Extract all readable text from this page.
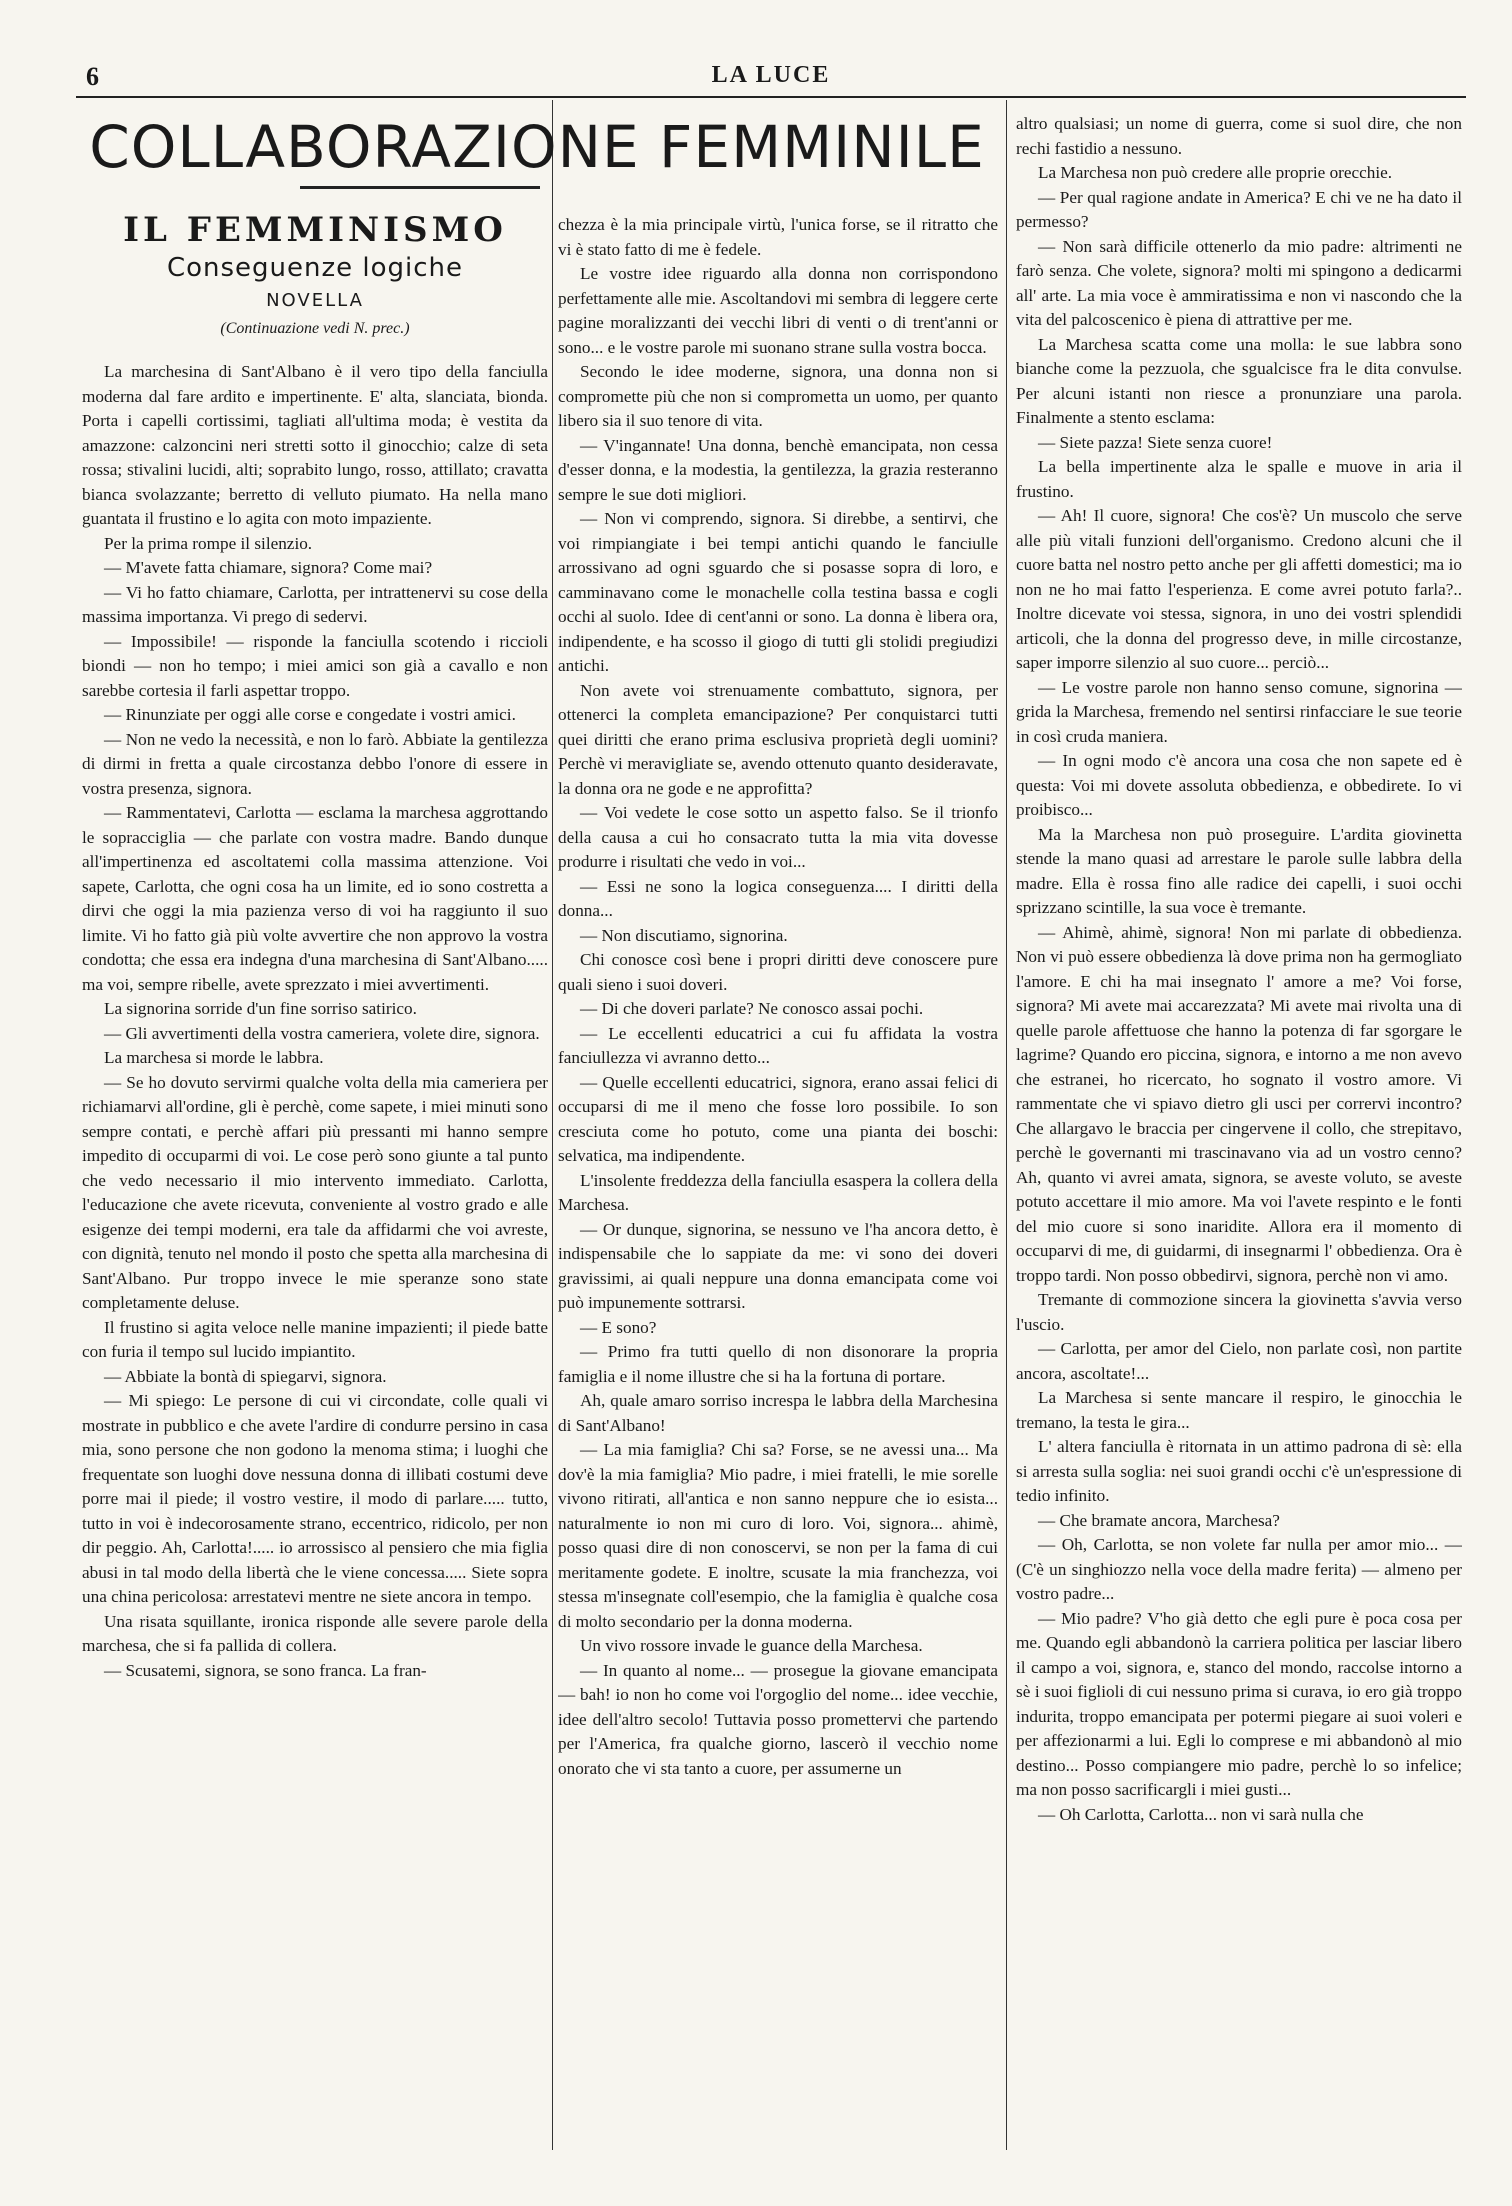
6	LA LUCE
COLLABORAZIONE FEMMINILE
IL FEMMINISMO
Conseguenze logiche
NOVELLA
(Continuazione vedi N. prec.)

La marchesina di Sant'Albano è il vero tipo della fanciulla moderna dal fare ardito e impertinente. E' alta, slanciata, bionda. Porta i capelli cortissimi, tagliati all'ultima moda; è vestita da amazzone: calzoncini neri stretti sotto il ginocchio; calze di seta rossa; stivalini lucidi, alti; soprabito lungo, rosso, attillato; cravatta bianca svolazzante; berretto di velluto piumato. Ha nella mano guantata il frustino e lo agita con moto impaziente.

Per la prima rompe il silenzio.

— M'avete fatta chiamare, signora? Come mai?

— Vi ho fatto chiamare, Carlotta, per intrattenervi su cose della massima importanza. Vi prego di sedervi.

— Impossibile! — risponde la fanciulla scotendo i riccioli biondi — non ho tempo; i miei amici son già a cavallo e non sarebbe cortesia il farli aspettar troppo.

— Rinunziate per oggi alle corse e congedate i vostri amici.

— Non ne vedo la necessità, e non lo farò. Abbiate la gentilezza di dirmi in fretta a quale circostanza debbo l'onore di essere in vostra presenza, signora.

— Rammentatevi, Carlotta — esclama la marchesa aggrottando le sopracciglia — che parlate con vostra madre. Bando dunque all'impertinenza ed ascoltatemi colla massima attenzione. Voi sapete, Carlotta, che ogni cosa ha un limite, ed io sono costretta a dirvi che oggi la mia pazienza verso di voi ha raggiunto il suo limite. Vi ho fatto già più volte avvertire che non approvo la vostra condotta; che essa era indegna d'una marchesina di Sant'Albano..... ma voi, sempre ribelle, avete sprezzato i miei avvertimenti.

La signorina sorride d'un fine sorriso satirico.

— Gli avvertimenti della vostra cameriera, volete dire, signora.

La marchesa si morde le labbra.

— Se ho dovuto servirmi qualche volta della mia cameriera per richiamarvi all'ordine, gli è perchè, come sapete, i miei minuti sono sempre contati, e perchè affari più pressanti mi hanno sempre impedito di occuparmi di voi. Le cose però sono giunte a tal punto che vedo necessario il mio intervento immediato. Carlotta, l'educazione che avete ricevuta, conveniente al vostro grado e alle esigenze dei tempi moderni, era tale da affidarmi che voi avreste, con dignità, tenuto nel mondo il posto che spetta alla marchesina di Sant'Albano. Pur troppo invece le mie speranze sono state completamente deluse.

Il frustino si agita veloce nelle manine impazienti; il piede batte con furia il tempo sul lucido impiantito.

— Abbiate la bontà di spiegarvi, signora.

— Mi spiego: Le persone di cui vi circondate, colle quali vi mostrate in pubblico e che avete l'ardire di condurre persino in casa mia, sono persone che non godono la menoma stima; i luoghi che frequentate son luoghi dove nessuna donna di illibati costumi deve porre mai il piede; il vostro vestire, il modo di parlare..... tutto, tutto in voi è indecorosamente strano, eccentrico, ridicolo, per non dir peggio. Ah, Carlotta!..... io arrossisco al pensiero che mia figlia abusi in tal modo della libertà che le viene concessa..... Siete sopra una china pericolosa: arrestatevi mentre ne siete ancora in tempo.

Una risata squillante, ironica risponde alle severe parole della marchesa, che si fa pallida di collera.

— Scusatemi, signora, se sono franca. La fran-

chezza è la mia principale virtù, l'unica forse, se il ritratto che vi è stato fatto di me è fedele.

Le vostre idee riguardo alla donna non corrispondono perfettamente alle mie. Ascoltandovi mi sembra di leggere certe pagine moralizzanti dei vecchi libri di venti o di trent'anni or sono... e le vostre parole mi suonano strane sulla vostra bocca.

Secondo le idee moderne, signora, una donna non si compromette più che non si comprometta un uomo, per quanto libero sia il suo tenore di vita.

— V'ingannate! Una donna, benchè emancipata, non cessa d'esser donna, e la modestia, la gentilezza, la grazia resteranno sempre le sue doti migliori.

— Non vi comprendo, signora. Si direbbe, a sentirvi, che voi rimpiangiate i bei tempi antichi quando le fanciulle arrossivano ad ogni sguardo che si posasse sopra di loro, e camminavano come le monachelle colla testina bassa e cogli occhi al suolo. Idee di cent'anni or sono. La donna è libera ora, indipendente, e ha scosso il giogo di tutti gli stolidi pregiudizi antichi.

Non avete voi strenuamente combattuto, signora, per ottenerci la completa emancipazione? Per conquistarci tutti quei diritti che erano prima esclusiva proprietà degli uomini? Perchè vi meravigliate se, avendo ottenuto quanto desideravate, la donna ora ne gode e ne approfitta?

— Voi vedete le cose sotto un aspetto falso. Se il trionfo della causa a cui ho consacrato tutta la mia vita dovesse produrre i risultati che vedo in voi...

— Essi ne sono la logica conseguenza.... I diritti della donna...

— Non discutiamo, signorina.

Chi conosce così bene i propri diritti deve conoscere pure quali sieno i suoi doveri.

— Di che doveri parlate? Ne conosco assai pochi.

— Le eccellenti educatrici a cui fu affidata la vostra fanciullezza vi avranno detto...

— Quelle eccellenti educatrici, signora, erano assai felici di occuparsi di me il meno che fosse loro possibile. Io son cresciuta come ho potuto, come una pianta dei boschi: selvatica, ma indipendente.

L'insolente freddezza della fanciulla esaspera la collera della Marchesa.

— Or dunque, signorina, se nessuno ve l'ha ancora detto, è indispensabile che lo sappiate da me: vi sono dei doveri gravissimi, ai quali neppure una donna emancipata come voi può impunemente sottrarsi.

— E sono?

— Primo fra tutti quello di non disonorare la propria famiglia e il nome illustre che si ha la fortuna di portare.

Ah, quale amaro sorriso increspa le labbra della Marchesina di Sant'Albano!

— La mia famiglia? Chi sa? Forse, se ne avessi una... Ma dov'è la mia famiglia? Mio padre, i miei fratelli, le mie sorelle vivono ritirati, all'antica e non sanno neppure che io esista... naturalmente io non mi curo di loro. Voi, signora... ahimè, posso quasi dire di non conoscervi, se non per la fama di cui meritamente godete. E inoltre, scusate la mia franchezza, voi stessa m'insegnate coll'esempio, che la famiglia è qualche cosa di molto secondario per la donna moderna.

Un vivo rossore invade le guance della Marchesa.

— In quanto al nome... — prosegue la giovane emancipata — bah! io non ho come voi l'orgoglio del nome... idee vecchie, idee dell'altro secolo! Tuttavia posso promettervi che partendo per l'America, fra qualche giorno, lascerò il vecchio nome onorato che vi sta tanto a cuore, per assumerne un

altro qualsiasi; un nome di guerra, come si suol dire, che non rechi fastidio a nessuno.

La Marchesa non può credere alle proprie orecchie.

— Per qual ragione andate in America? E chi ve ne ha dato il permesso?

— Non sarà difficile ottenerlo da mio padre: altrimenti ne farò senza. Che volete, signora? molti mi spingono a dedicarmi all' arte. La mia voce è ammiratissima e non vi nascondo che la vita del palcoscenico è piena di attrattive per me.

La Marchesa scatta come una molla: le sue labbra sono bianche come la pezzuola, che sgualcisce fra le dita convulse. Per alcuni istanti non riesce a pronunziare una parola. Finalmente a stento esclama:

— Siete pazza! Siete senza cuore!

La bella impertinente alza le spalle e muove in aria il frustino.

— Ah! Il cuore, signora! Che cos'è? Un muscolo che serve alle più vitali funzioni dell'organismo. Credono alcuni che il cuore batta nel nostro petto anche per gli affetti domestici; ma io non ne ho mai fatto l'esperienza. E come avrei potuto farla?.. Inoltre dicevate voi stessa, signora, in uno dei vostri splendidi articoli, che la donna del progresso deve, in mille circostanze, saper imporre silenzio al suo cuore... perciò...

— Le vostre parole non hanno senso comune, signorina — grida la Marchesa, fremendo nel sentirsi rinfacciare le sue teorie in così cruda maniera.

— In ogni modo c'è ancora una cosa che non sapete ed è questa: Voi mi dovete assoluta obbedienza, e obbedirete. Io vi proibisco...

Ma la Marchesa non può proseguire. L'ardita giovinetta stende la mano quasi ad arrestare le parole sulle labbra della madre. Ella è rossa fino alle radice dei capelli, i suoi occhi sprizzano scintille, la sua voce è tremante.

— Ahimè, ahimè, signora! Non mi parlate di obbedienza. Non vi può essere obbedienza là dove prima non ha germogliato l'amore. E chi ha mai insegnato l' amore a me? Voi forse, signora? Mi avete mai accarezzata? Mi avete mai rivolta una di quelle parole affettuose che hanno la potenza di far sgorgare le lagrime? Quando ero piccina, signora, e intorno a me non avevo che estranei, ho ricercato, ho sognato il vostro amore. Vi rammentate che vi spiavo dietro gli usci per corrervi incontro? Che allargavo le braccia per cingervene il collo, che strepitavo, perchè le governanti mi trascinavano via ad un vostro cenno? Ah, quanto vi avrei amata, signora, se aveste voluto, se aveste potuto accettare il mio amore. Ma voi l'avete respinto e le fonti del mio cuore si sono inaridite. Allora era il momento di occuparvi di me, di guidarmi, di insegnarmi l' obbedienza. Ora è troppo tardi. Non posso obbedirvi, signora, perchè non vi amo.

Tremante di commozione sincera la giovinetta s'avvia verso l'uscio.

— Carlotta, per amor del Cielo, non parlate così, non partite ancora, ascoltate!...

La Marchesa si sente mancare il respiro, le ginocchia le tremano, la testa le gira...

L' altera fanciulla è ritornata in un attimo padrona di sè: ella si arresta sulla soglia: nei suoi grandi occhi c'è un'espressione di tedio infinito.

— Che bramate ancora, Marchesa?

— Oh, Carlotta, se non volete far nulla per amor mio... — (C'è un singhiozzo nella voce della madre ferita) — almeno per vostro padre...

— Mio padre? V'ho già detto che egli pure è poca cosa per me. Quando egli abbandonò la carriera politica per lasciar libero il campo a voi, signora, e, stanco del mondo, raccolse intorno a sè i suoi figlioli di cui nessuno prima si curava, io ero già troppo indurita, troppo emancipata per potermi piegare ai suoi voleri e per affezionarmi a lui. Egli lo comprese e mi abbandonò al mio destino... Posso compiangere mio padre, perchè lo so infelice; ma non posso sacrificargli i miei gusti...

— Oh Carlotta, Carlotta... non vi sarà nulla che
